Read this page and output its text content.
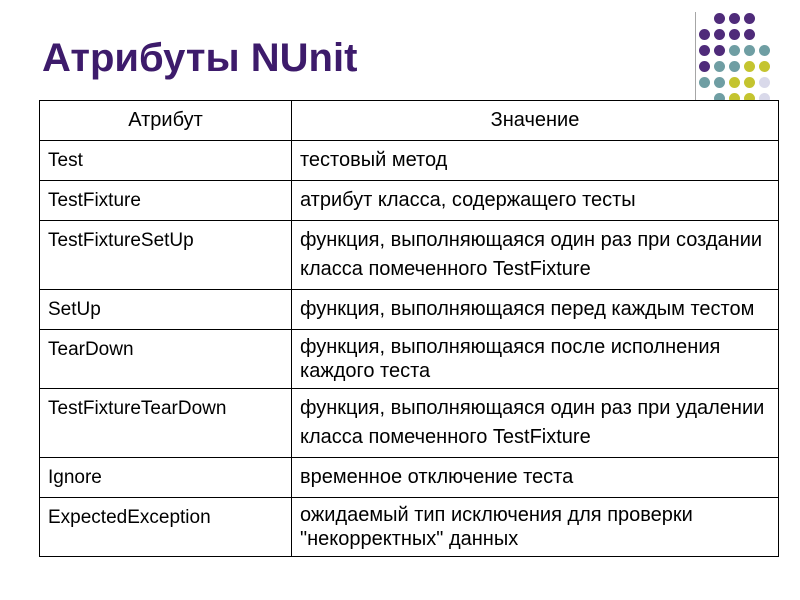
Атрибуты NUnit
Атрибут	Значение
Test	тестовый метод
TestFixture	атрибут класса, содержащего тесты
TestFixtureSetUp	функция, выполняющаяся один раз при создании класса помеченного TestFixture
SetUp	функция, выполняющаяся перед каждым тестом
TearDown	функция, выполняющаяся после исполнения каждого теста
TestFixtureTearDown	функция, выполняющаяся один раз при удалении класса помеченного TestFixture
Ignore	временное отключение теста
ExpectedException	ожидаемый тип исключения для проверки "некорректных" данных
